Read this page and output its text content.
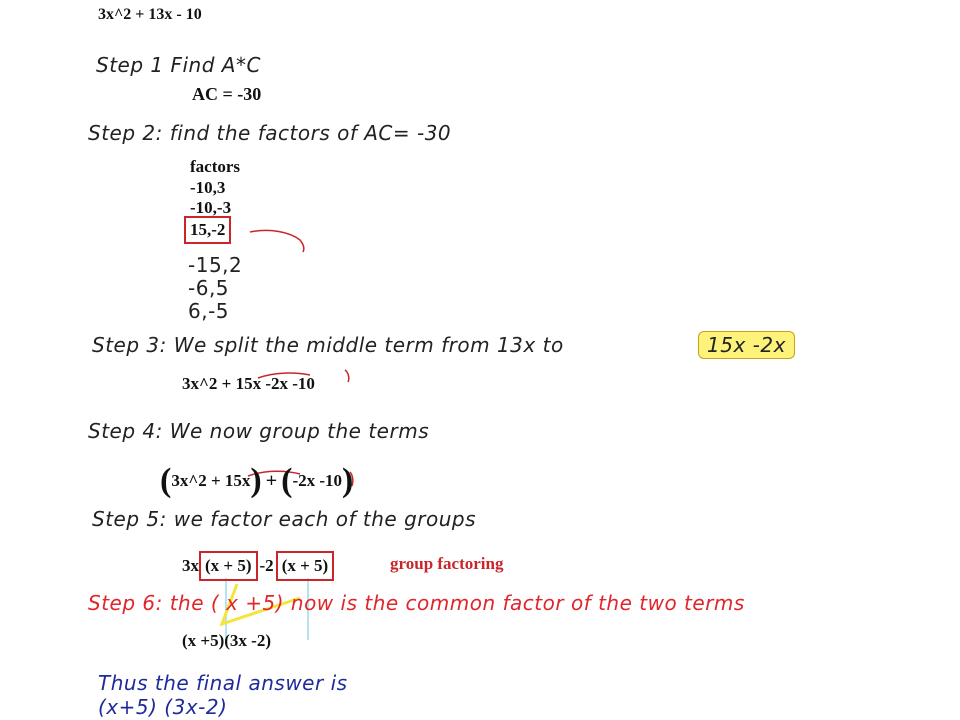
3x^2 + 13x - 10
Step 1 Find A*C
AC = -30
Step 2: find the factors of AC= -30
factors
-10,3
-10,-3
15,-2
-15,2
-6,5
6,-5
Step 3: We split the middle term from 13x to	15x -2x
3x^2 + 15x -2x -10
Step 4: We now group the terms
(3x^2 + 15x) + (-2x -10)
Step 5: we factor each of the groups
3x (x + 5) -2 (x + 5)	group factoring
Step 6: the ( x +5) now is the common factor of the two terms
(x +5)(3x -2)
Thus the final answer is
(x+5) (3x-2)
